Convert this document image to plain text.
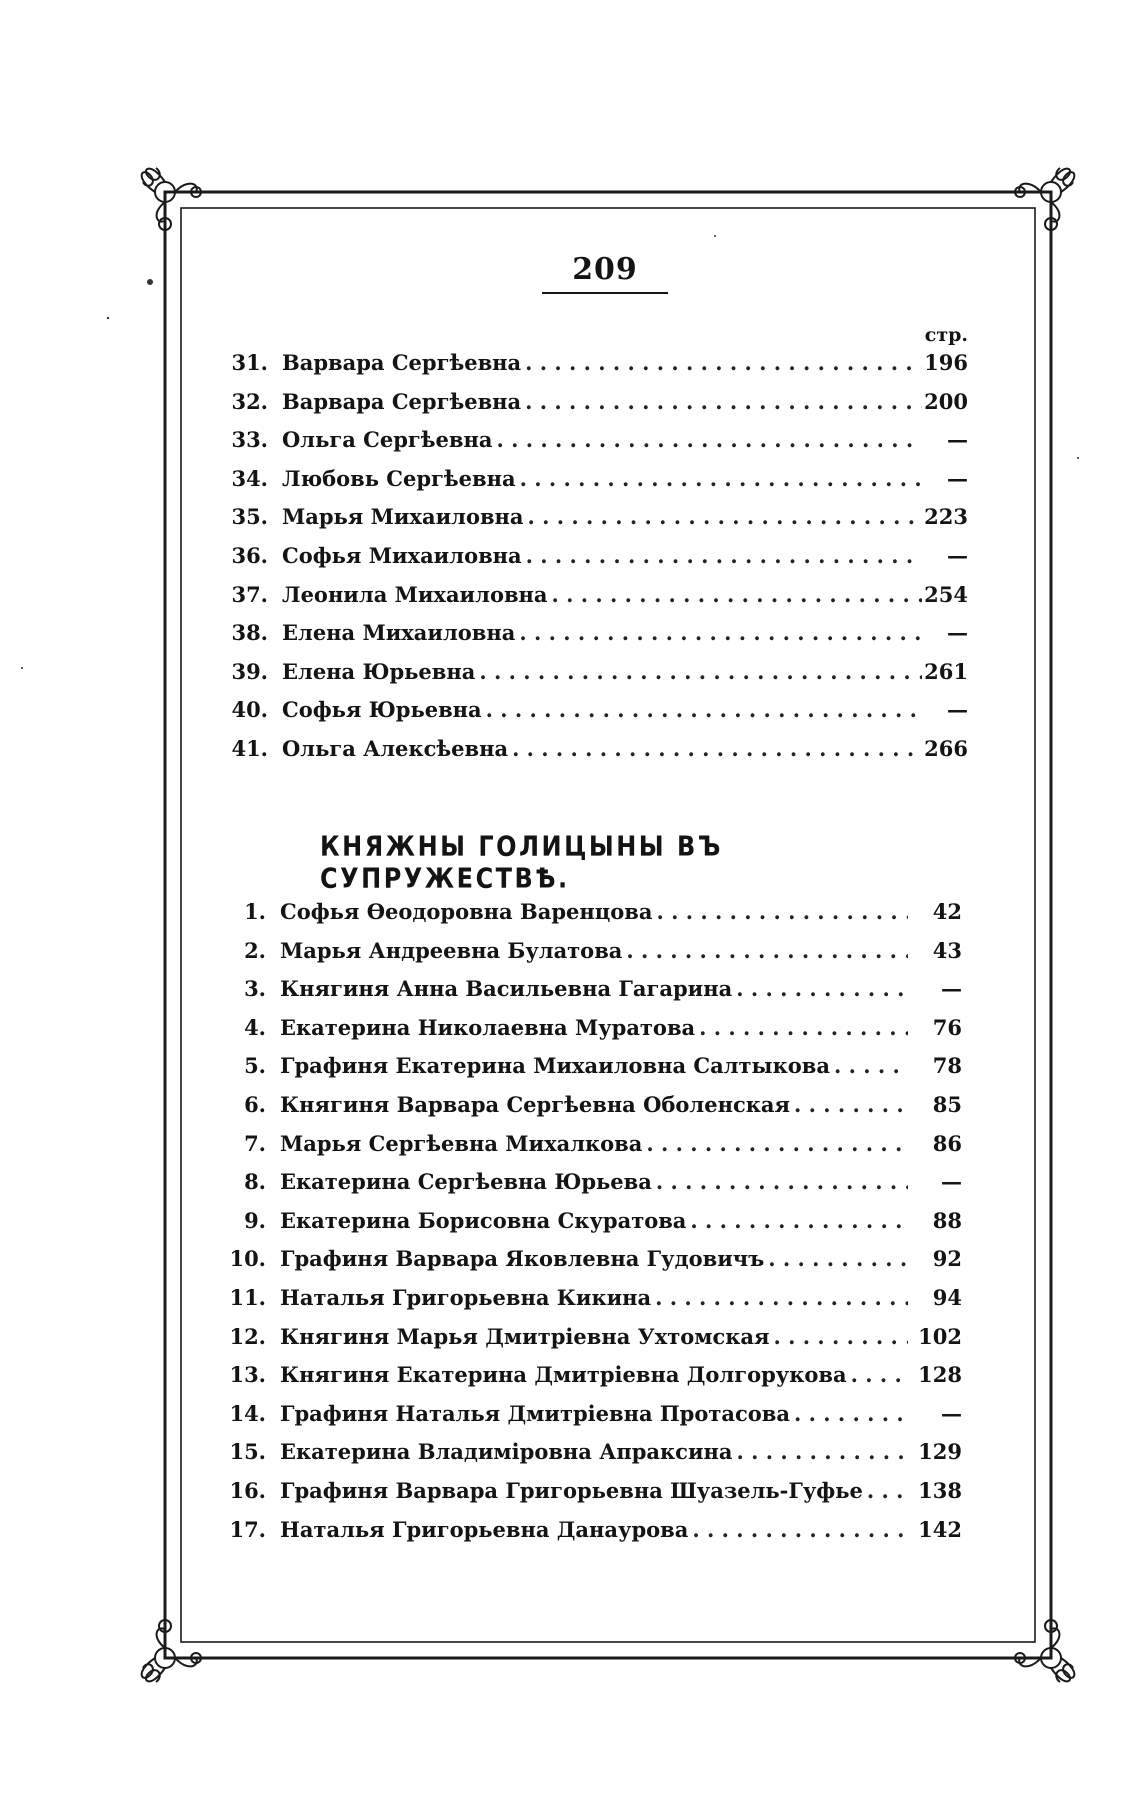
209
стр.
31. Варвара Сергѣевна . . .	196
32. Варвара Сергѣевна . . .	200
33. Ольга Сергѣевна . . .	—
34. Любовь Сергѣевна . . .	—
35. Марья Михаиловна . . .	223
36. Софья Михаиловна . . .	—
37. Леонила Михаиловна . . .	254
38. Елена Михаиловна . . .	—
39. Елена Юрьевна . . .	261
40. Софья Юрьевна . . .	—
41. Ольга Алексѣевна . . .	266
КНЯЖНЫ ГОЛИЦЫНЫ ВЪ СУПРУЖЕСТВѢ.
1. Софья Өеодоровна Варенцова . . .	42
2. Марья Андреевна Булатова . . .	43
3. Княгиня Анна Васильевна Гагарина . . .	—
4. Екатерина Николаевна Муратова . . .	76
5. Графиня Екатерина Михаиловна Салтыкова . . .	78
6. Княгиня Варвара Сергѣевна Оболенская . . .	85
7. Марья Сергѣевна Михалкова . . .	86
8. Екатерина Сергѣевна Юрьева . . .	—
9. Екатерина Борисовна Скуратова . . .	88
10. Графиня Варвара Яковлевна Гудовичъ . . .	92
11. Наталья Григорьевна Кикина . . .	94
12. Княгиня Марья Дмитріевна Ухтомская . . .	102
13. Княгиня Екатерина Дмитріевна Долгорукова . . .	128
14. Графиня Наталья Дмитріевна Протасова . . .	—
15. Екатерина Владиміровна Апраксина . . .	129
16. Графиня Варвара Григорьевна Шуазель-Гуфье . . .	138
17. Наталья Григорьевна Данаурова . . .	142
